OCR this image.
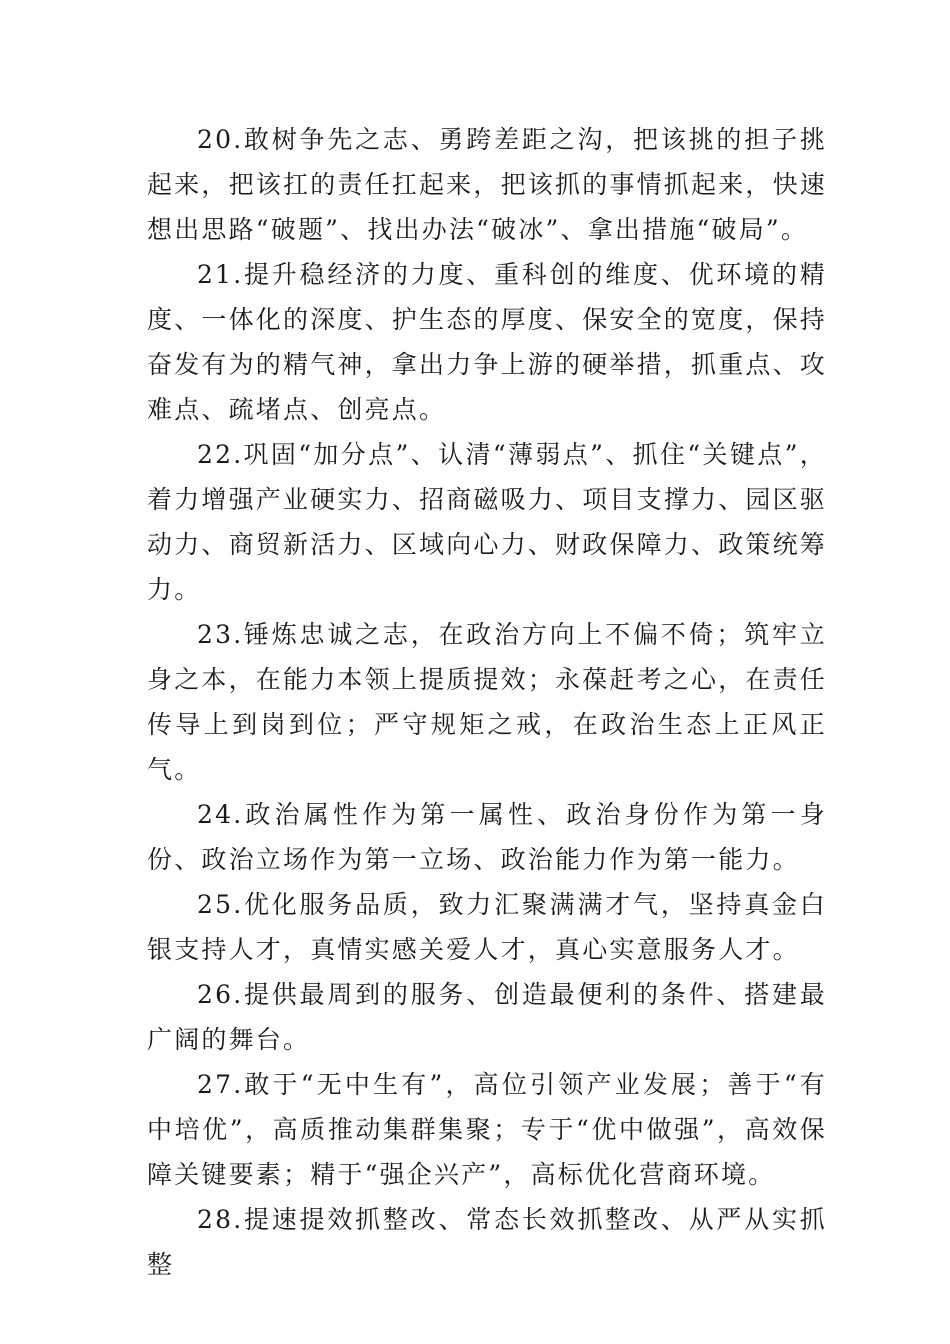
20.敢树争先之志、勇跨差距之沟，把该挑的担子挑起来，把该扛的责任扛起来，把该抓的事情抓起来，快速想出思路“破题”、找出办法“破冰”、拿出措施“破局”。

21.提升稳经济的力度、重科创的维度、优环境的精度、一体化的深度、护生态的厚度、保安全的宽度，保持奋发有为的精气神，拿出力争上游的硬举措，抓重点、攻难点、疏堵点、创亮点。

22.巩固“加分点”、认清“薄弱点”、抓住“关键点”，着力增强产业硬实力、招商磁吸力、项目支撑力、园区驱动力、商贸新活力、区域向心力、财政保障力、政策统筹力。

23.锤炼忠诚之志，在政治方向上不偏不倚；筑牢立身之本，在能力本领上提质提效；永葆赶考之心，在责任传导上到岗到位；严守规矩之戒，在政治生态上正风正气。

24.政治属性作为第一属性、政治身份作为第一身份、政治立场作为第一立场、政治能力作为第一能力。

25.优化服务品质，致力汇聚满满才气，坚持真金白银支持人才，真情实感关爱人才，真心实意服务人才。

26.提供最周到的服务、创造最便利的条件、搭建最广阔的舞台。

27.敢于“无中生有”，高位引领产业发展；善于“有中培优”，高质推动集群集聚；专于“优中做强”，高效保障关键要素；精于“强企兴产”，高标优化营商环境。

28.提速提效抓整改、常态长效抓整改、从严从实抓整
